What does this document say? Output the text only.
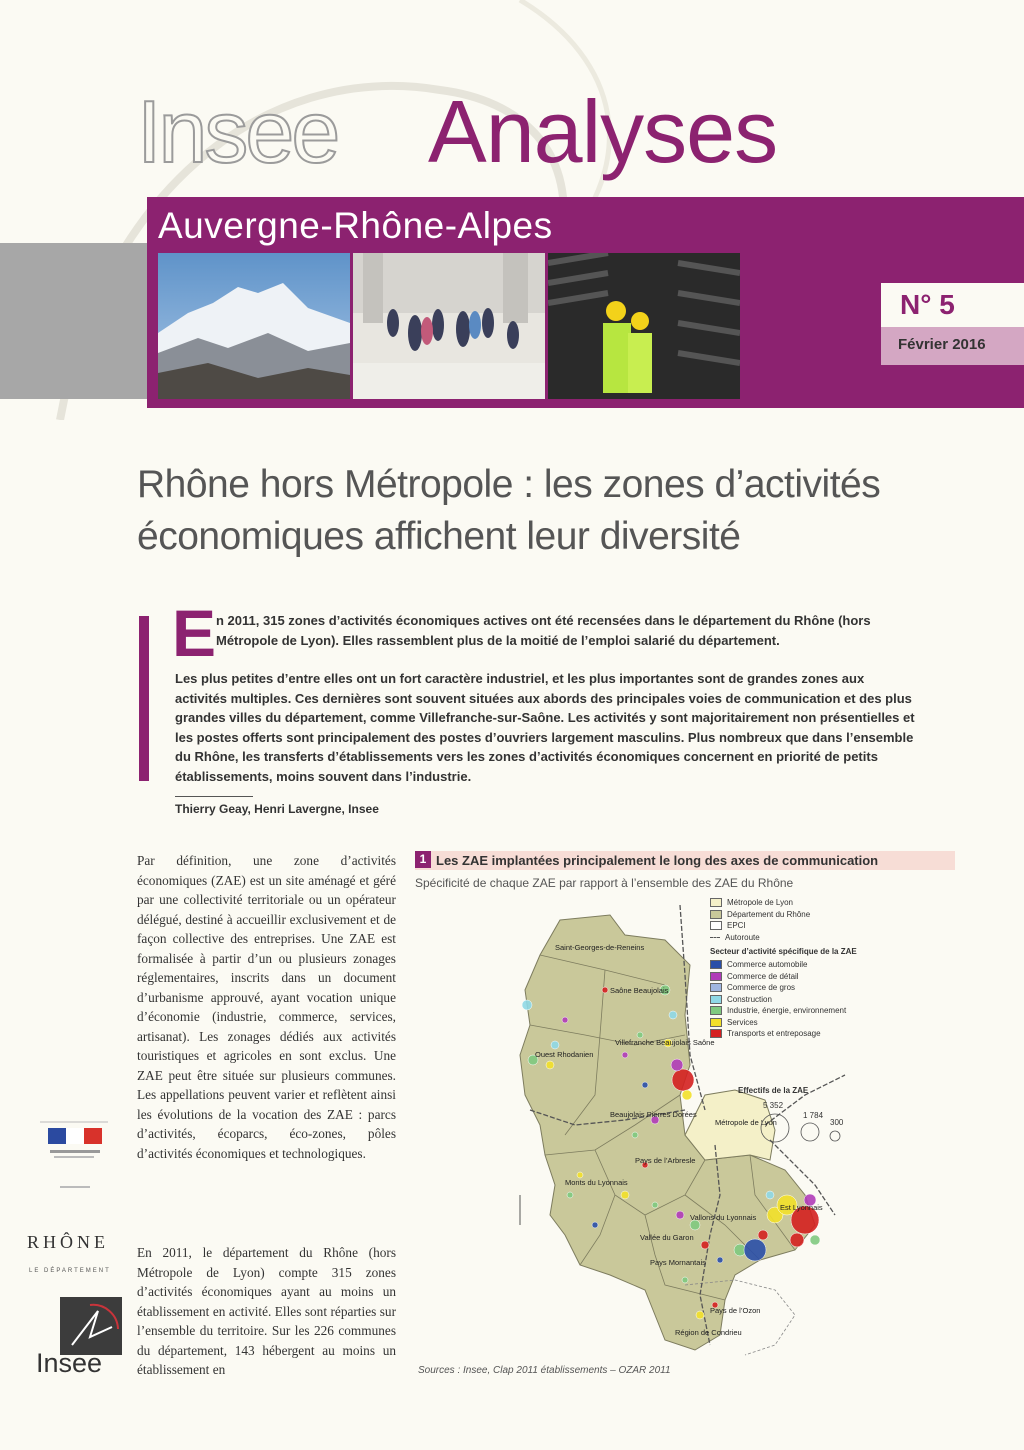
Insee Analyses
Auvergne-Rhône-Alpes
N° 5
Février 2016
Rhône hors Métropole : les zones d’activités
économiques affichent leur diversité
E n 2011, 315 zones d’activités économiques actives ont été recensées dans le département du Rhône (hors Métropole de Lyon). Elles rassemblent plus de la moitié de l’emploi salarié du département.
Les plus petites d’entre elles ont un fort caractère industriel, et les plus importantes sont de grandes zones aux activités multiples. Ces dernières sont souvent situées aux abords des principales voies de communication et des plus grandes villes du département, comme Villefranche-sur-Saône. Les activités y sont majoritairement non présentielles et les postes offerts sont principalement des postes d’ouvriers largement masculins. Plus nombreux que dans l’ensemble du Rhône, les transferts d’établissements vers les zones d’activités économiques concernent en priorité de petits établissements, moins souvent dans l’industrie.
Thierry Geay, Henri Lavergne, Insee
Par définition, une zone d’activités économiques (ZAE) est un site aménagé et géré par une collectivité territoriale ou un opérateur délégué, destiné à accueillir exclusivement et de façon collective des entreprises. Une ZAE est formalisée à partir d’un ou plusieurs zonages réglementaires, inscrits dans un document d’urbanisme approuvé, ayant vocation unique d’économie (industrie, commerce, services, artisanat). Les zonages dédiés aux activités touristiques et agricoles en sont exclus. Une ZAE peut être située sur plusieurs communes. Les appellations peuvent varier et reflètent ainsi les évolutions de la vocation des ZAE : parcs d’activités, écoparcs, éco-zones, pôles d’activités économiques et technologiques.
En 2011, le département du Rhône (hors Métropole de Lyon) compte 315 zones d’activités économiques ayant au moins un établissement en activité. Elles sont réparties sur l’ensemble du territoire. Sur les 226 communes du département, 143 hébergent au moins un établissement en
1 Les ZAE implantées principalement le long des axes de communication
Spécificité de chaque ZAE par rapport à l’ensemble des ZAE du Rhône
Saint-Georges-de-Reneins
Saône Beaujolais
Ouest Rhodanien
Villefranche Beaujolais Saône
Beaujolais Pierres Dorées
Pays de l’Arbresle
Métropole de Lyon
Est Lyonnais
Vallons du Lyonnais
Monts du Lyonnais
Pays Mornantais
Vallée du Garon
Pays de l’Ozon
Région de Condrieu
Métropole de Lyon
Département du Rhône
EPCI
Autoroute
Secteur d’activité spécifique de la ZAE
Commerce automobile
Commerce de détail
Commerce de gros
Construction
Industrie, énergie, environnement
Services
Transports et entreposage
Effectifs de la ZAE
5 352
1 784
300
Sources : Insee, Clap 2011 établissements – OZAR 2011
RHÔNE
LE DÉPARTEMENT
Insee
